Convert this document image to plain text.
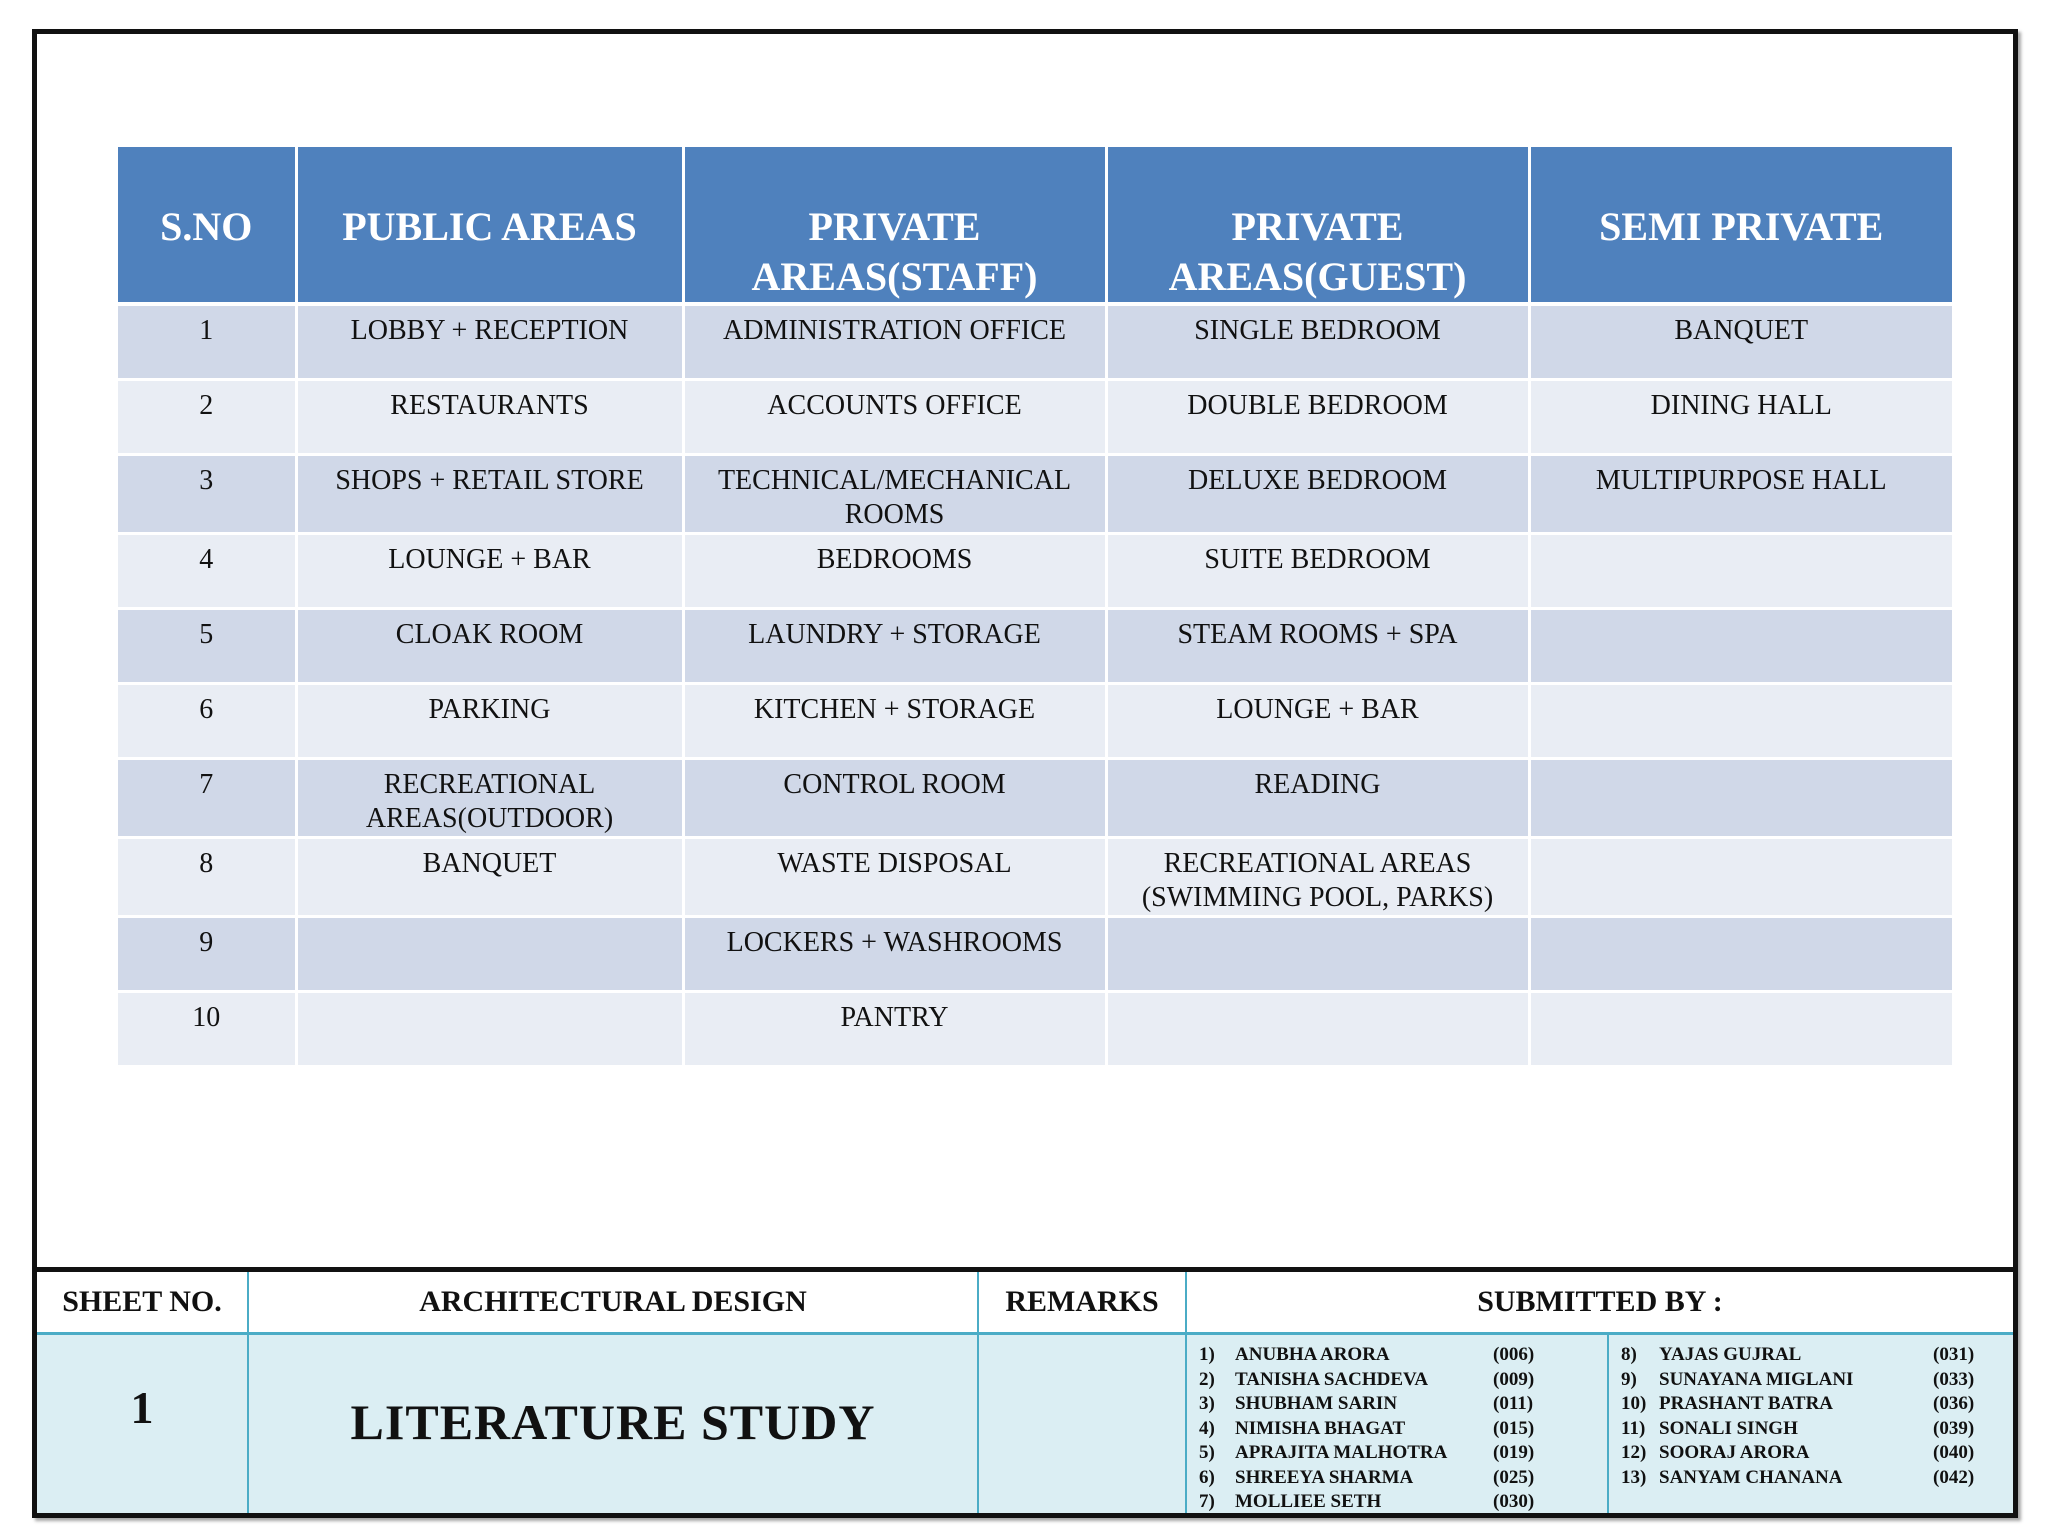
S.NO	PUBLIC AREAS	PRIVATE AREAS(STAFF)	PRIVATE AREAS(GUEST)	SEMI PRIVATE
1	LOBBY + RECEPTION	ADMINISTRATION OFFICE	SINGLE BEDROOM	BANQUET
2	RESTAURANTS	ACCOUNTS OFFICE	DOUBLE BEDROOM	DINING HALL
3	SHOPS + RETAIL STORE	TECHNICAL/MECHANICAL ROOMS	DELUXE BEDROOM	MULTIPURPOSE HALL
4	LOUNGE + BAR	BEDROOMS	SUITE BEDROOM	
5	CLOAK ROOM	LAUNDRY + STORAGE	STEAM ROOMS + SPA	
6	PARKING	KITCHEN + STORAGE	LOUNGE + BAR	
7	RECREATIONAL AREAS(OUTDOOR)	CONTROL ROOM	READING	
8	BANQUET	WASTE DISPOSAL	RECREATIONAL AREAS (SWIMMING POOL, PARKS)	
9		LOCKERS + WASHROOMS		
10		PANTRY		
SHEET NO.	ARCHITECTURAL DESIGN	REMARKS	SUBMITTED BY :
1	LITERATURE STUDY
1) ANUBHA ARORA	(006)
2) TANISHA SACHDEVA	(009)
3) SHUBHAM SARIN	(011)
4) NIMISHA BHAGAT	(015)
5) APRAJITA MALHOTRA (019)
6) SHREEYA SHARMA	(025)
7) MOLLIEE SETH	(030)
8) YAJAS GUJRAL	(031)
9) SUNAYANA MIGLANI	(033)
10) PRASHANT BATRA	(036)
11) SONALI SINGH	(039)
12) SOORAJ ARORA	(040)
13) SANYAM CHANANA	(042)
